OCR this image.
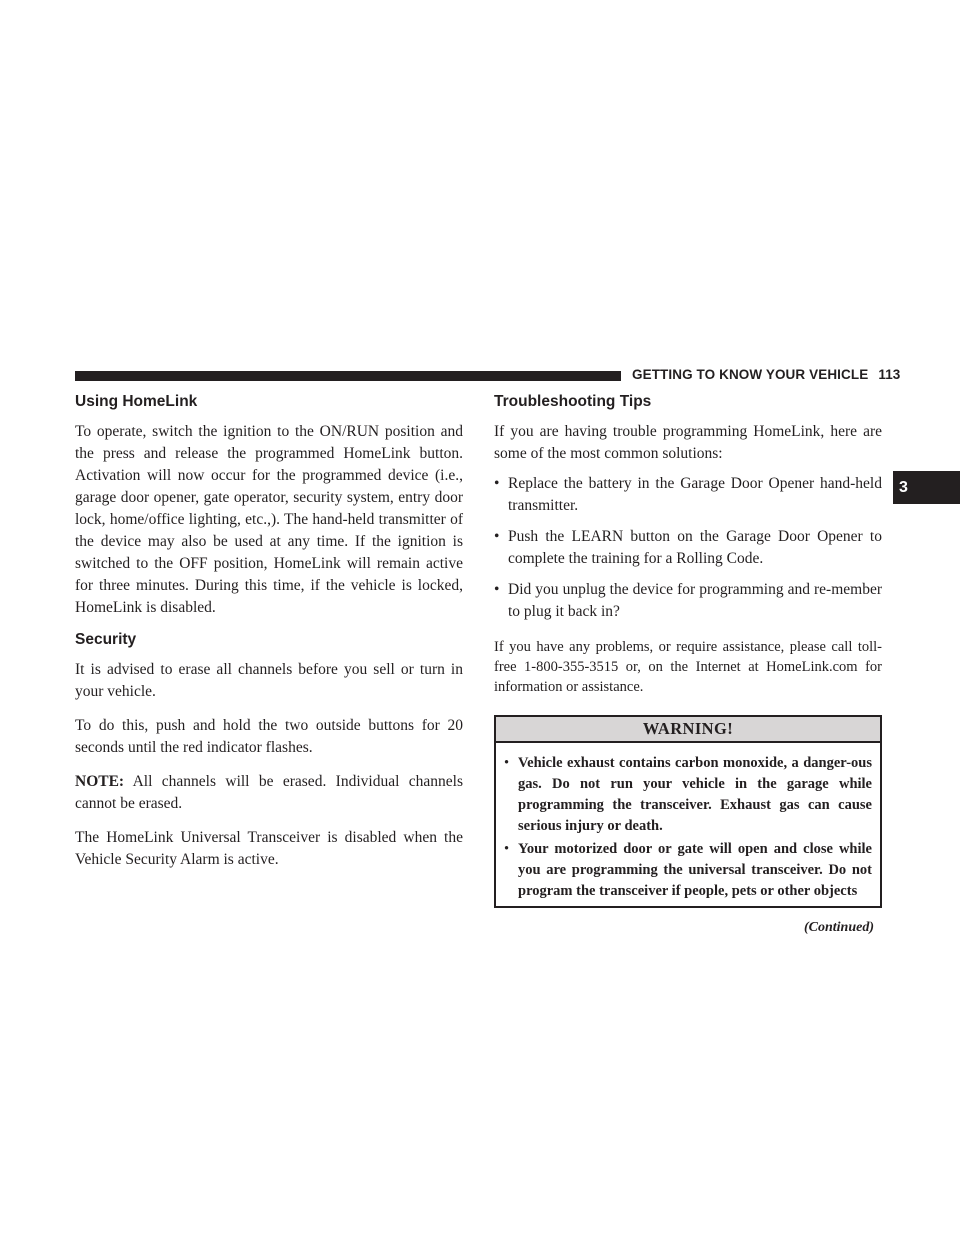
GETTING TO KNOW YOUR VEHICLE 113
3
Using HomeLink

To operate, switch the ignition to the ON/RUN position and the press and release the programmed HomeLink button. Activation will now occur for the programmed device (i.e., garage door opener, gate operator, security system, entry door lock, home/office lighting, etc.,). The hand-held transmitter of the device may also be used at any time. If the ignition is switched to the OFF position, HomeLink will remain active for three minutes. During this time, if the vehicle is locked, HomeLink is disabled.

Security

It is advised to erase all channels before you sell or turn in your vehicle.

To do this, push and hold the two outside buttons for 20 seconds until the red indicator flashes.

NOTE: All channels will be erased. Individual channels cannot be erased.

The HomeLink Universal Transceiver is disabled when the Vehicle Security Alarm is active.

Troubleshooting Tips

If you are having trouble programming HomeLink, here are some of the most common solutions:

• Replace the battery in the Garage Door Opener hand-held transmitter.
• Push the LEARN button on the Garage Door Opener to complete the training for a Rolling Code.
• Did you unplug the device for programming and re-member to plug it back in?

If you have any problems, or require assistance, please call toll-free 1-800-355-3515 or, on the Internet at HomeLink.com for information or assistance.

WARNING!
• Vehicle exhaust contains carbon monoxide, a danger-ous gas. Do not run your vehicle in the garage while programming the transceiver. Exhaust gas can cause serious injury or death.
• Your motorized door or gate will open and close while you are programming the universal transceiver. Do not program the transceiver if people, pets or other objects
(Continued)
